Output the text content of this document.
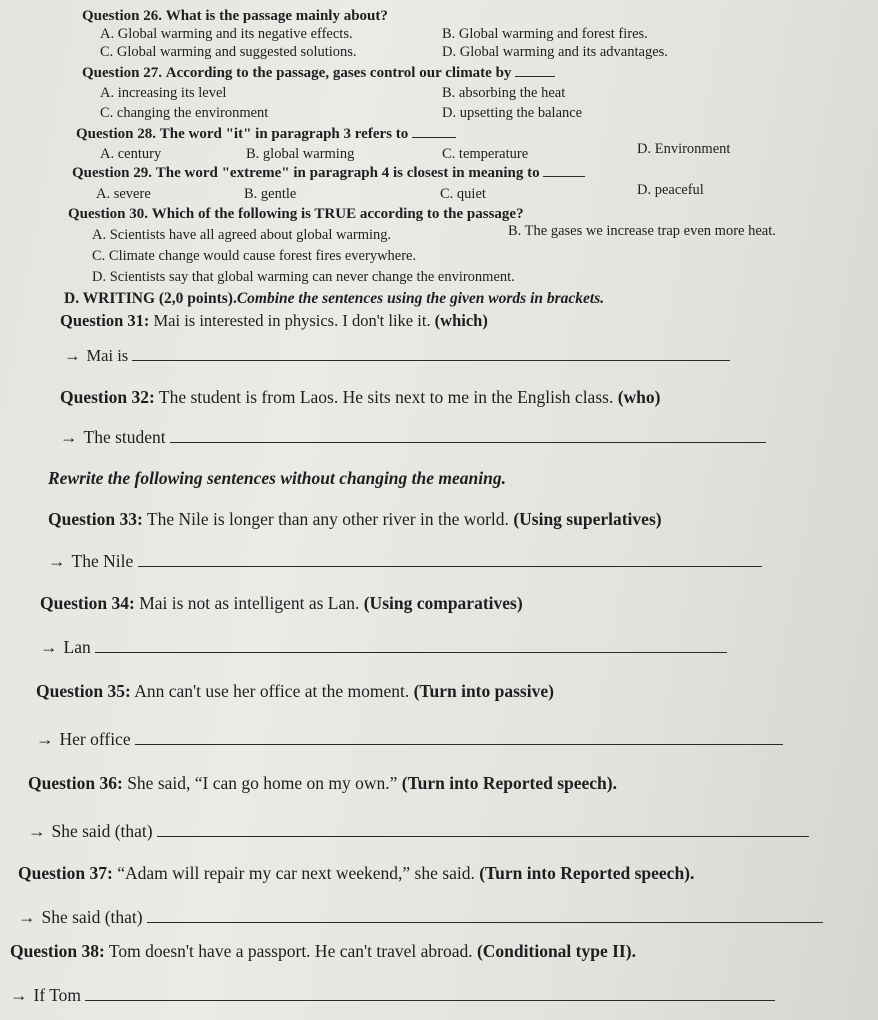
Question 26. What is the passage mainly about?
A. Global warming and its negative effects.	B. Global warming and forest fires.
C. Global warming and suggested solutions.	D. Global warming and its advantages.
Question 27. According to the passage, gases control our climate by
A. increasing its level	B. absorbing the heat
C. changing the environment	D. upsetting the balance
Question 28. The word "it" in paragraph 3 refers to
A. century	B. global warming	C. temperature	D. Environment
Question 29. The word "extreme" in paragraph 4 is closest in meaning to
A. severe	B. gentle	C. quiet	D. peaceful
Question 30. Which of the following is TRUE according to the passage?
A. Scientists have all agreed about global warming.	B. The gases we increase trap even more heat.
C. Climate change would cause forest fires everywhere.
D. Scientists say that global warming can never change the environment.
D. WRITING (2,0 points).Combine the sentences using the given words in brackets.
Question 31: Mai is interested in physics. I don't like it. (which)
→ Mai is
Question 32: The student is from Laos. He sits next to me in the English class. (who)
→ The student
Rewrite the following sentences without changing the meaning.
Question 33: The Nile is longer than any other river in the world. (Using superlatives)
→ The Nile
Question 34: Mai is not as intelligent as Lan. (Using comparatives)
→ Lan
Question 35: Ann can't use her office at the moment. (Turn into passive)
→ Her office
Question 36: She said, “I can go home on my own.” (Turn into Reported speech).
→ She said (that)
Question 37: “Adam will repair my car next weekend,” she said. (Turn into Reported speech).
→ She said (that)
Question 38: Tom doesn't have a passport. He can't travel abroad. (Conditional type II).
→ If Tom
